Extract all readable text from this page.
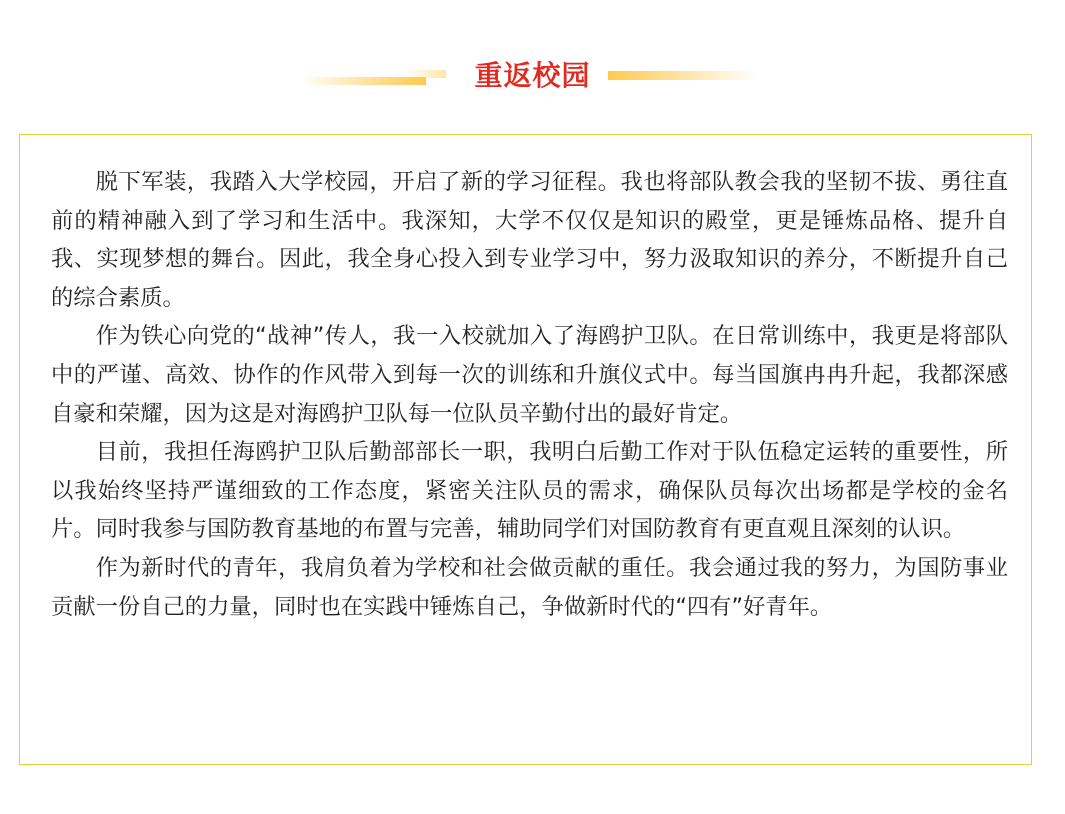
重返校园

脱下军装，我踏入大学校园，开启了新的学习征程。我也将部队教会我的坚韧不拔、勇往直前的精神融入到了学习和生活中。我深知，大学不仅仅是知识的殿堂，更是锤炼品格、提升自我、实现梦想的舞台。因此，我全身心投入到专业学习中，努力汲取知识的养分，不断提升自己的综合素质。

作为铁心向党的“战神”传人，我一入校就加入了海鸥护卫队。在日常训练中，我更是将部队中的严谨、高效、协作的作风带入到每一次的训练和升旗仪式中。每当国旗冉冉升起，我都深感自豪和荣耀，因为这是对海鸥护卫队每一位队员辛勤付出的最好肯定。

目前，我担任海鸥护卫队后勤部部长一职，我明白后勤工作对于队伍稳定运转的重要性，所以我始终坚持严谨细致的工作态度，紧密关注队员的需求，确保队员每次出场都是学校的金名片。同时我参与国防教育基地的布置与完善，辅助同学们对国防教育有更直观且深刻的认识。

作为新时代的青年，我肩负着为学校和社会做贡献的重任。我会通过我的努力，为国防事业贡献一份自己的力量，同时也在实践中锤炼自己，争做新时代的“四有”好青年。
